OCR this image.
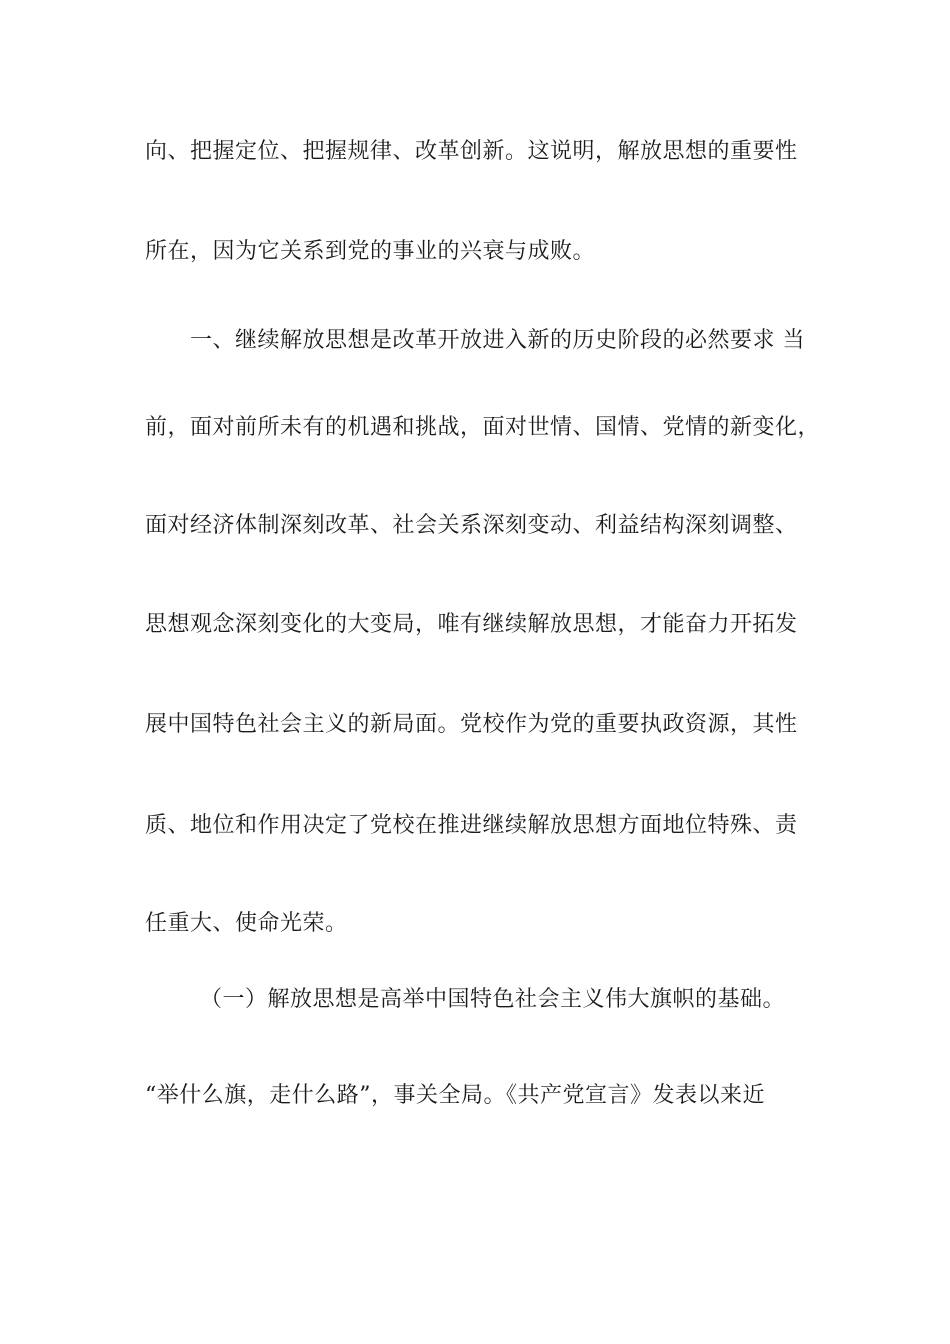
向、把握定位、把握规律、改革创新。这说明，解放思想的重要性
所在，因为它关系到党的事业的兴衰与成败。
一、继续解放思想是改革开放进入新的历史阶段的必然要求 当
前，面对前所未有的机遇和挑战，面对世情、国情、党情的新变化，
面对经济体制深刻改革、社会关系深刻变动、利益结构深刻调整、
思想观念深刻变化的大变局，唯有继续解放思想，才能奋力开拓发
展中国特色社会主义的新局面。党校作为党的重要执政资源，其性
质、地位和作用决定了党校在推进继续解放思想方面地位特殊、责
任重大、使命光荣。
（一）解放思想是高举中国特色社会主义伟大旗帜的基础。
“举什么旗，走什么路”，事关全局。《共产党宣言》发表以来近
